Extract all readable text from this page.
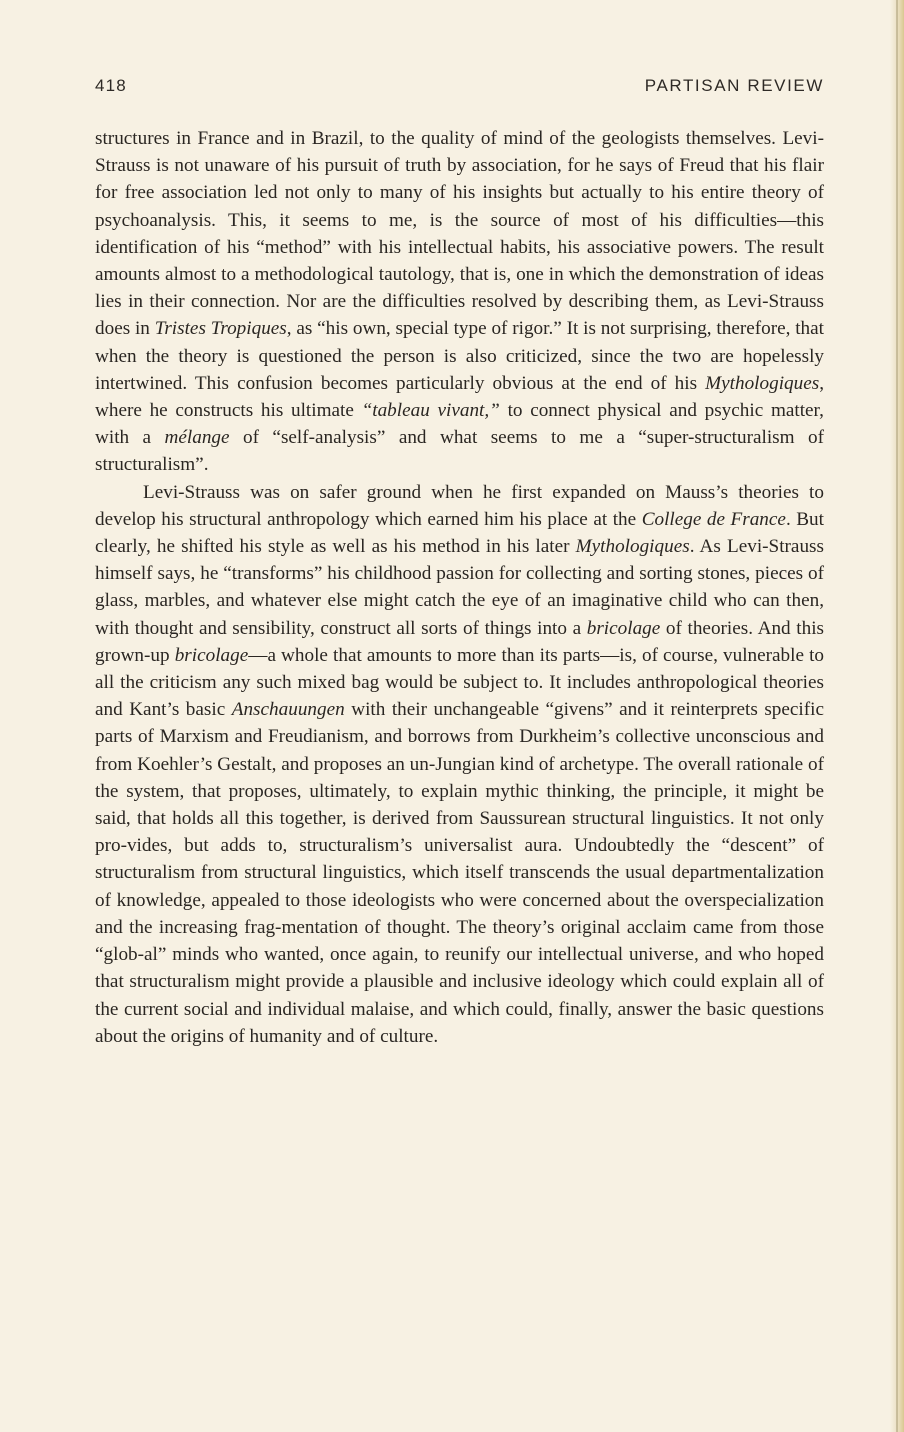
418	PARTISAN REVIEW

structures in France and in Brazil, to the quality of mind of the geologists themselves. Levi-Strauss is not unaware of his pursuit of truth by association, for he says of Freud that his flair for free association led not only to many of his insights but actually to his entire theory of psychoanalysis. This, it seems to me, is the source of most of his difficulties—this identification of his “method” with his intellectual habits, his associative powers. The result amounts almost to a methodological tautology, that is, one in which the demonstration of ideas lies in their connection. Nor are the difficulties resolved by describing them, as Levi-Strauss does in Tristes Tropiques, as “his own, special type of rigor.” It is not surprising, therefore, that when the theory is questioned the person is also criticized, since the two are hopelessly intertwined. This confusion becomes particularly obvious at the end of his Mythologiques, where he constructs his ultimate “tableau vivant,” to connect physical and psychic matter, with a mélange of “self-analysis” and what seems to me a “super-structuralism of structuralism”.

Levi-Strauss was on safer ground when he first expanded on Mauss’s theories to develop his structural anthropology which earned him his place at the College de France. But clearly, he shifted his style as well as his method in his later Mythologiques. As Levi-Strauss himself says, he “transforms” his childhood passion for collecting and sorting stones, pieces of glass, marbles, and whatever else might catch the eye of an imaginative child who can then, with thought and sensibility, construct all sorts of things into a bricolage of theories. And this grown-up bricolage—a whole that amounts to more than its parts—is, of course, vulnerable to all the criticism any such mixed bag would be subject to. It includes anthropological theories and Kant’s basic Anschauungen with their unchangeable “givens” and it reinterprets specific parts of Marxism and Freudianism, and borrows from Durkheim’s collective unconscious and from Koehler’s Gestalt, and proposes an un-Jungian kind of archetype. The overall rationale of the system, that proposes, ultimately, to explain mythic thinking, the principle, it might be said, that holds all this together, is derived from Saussurean structural linguistics. It not only pro-vides, but adds to, structuralism’s universalist aura. Undoubtedly the “descent” of structuralism from structural linguistics, which itself transcends the usual departmentalization of knowledge, appealed to those ideologists who were concerned about the overspecialization and the increasing frag-mentation of thought. The theory’s original acclaim came from those “glob-al” minds who wanted, once again, to reunify our intellectual universe, and who hoped that structuralism might provide a plausible and inclusive ideology which could explain all of the current social and individual malaise, and which could, finally, answer the basic questions about the origins of humanity and of culture.
